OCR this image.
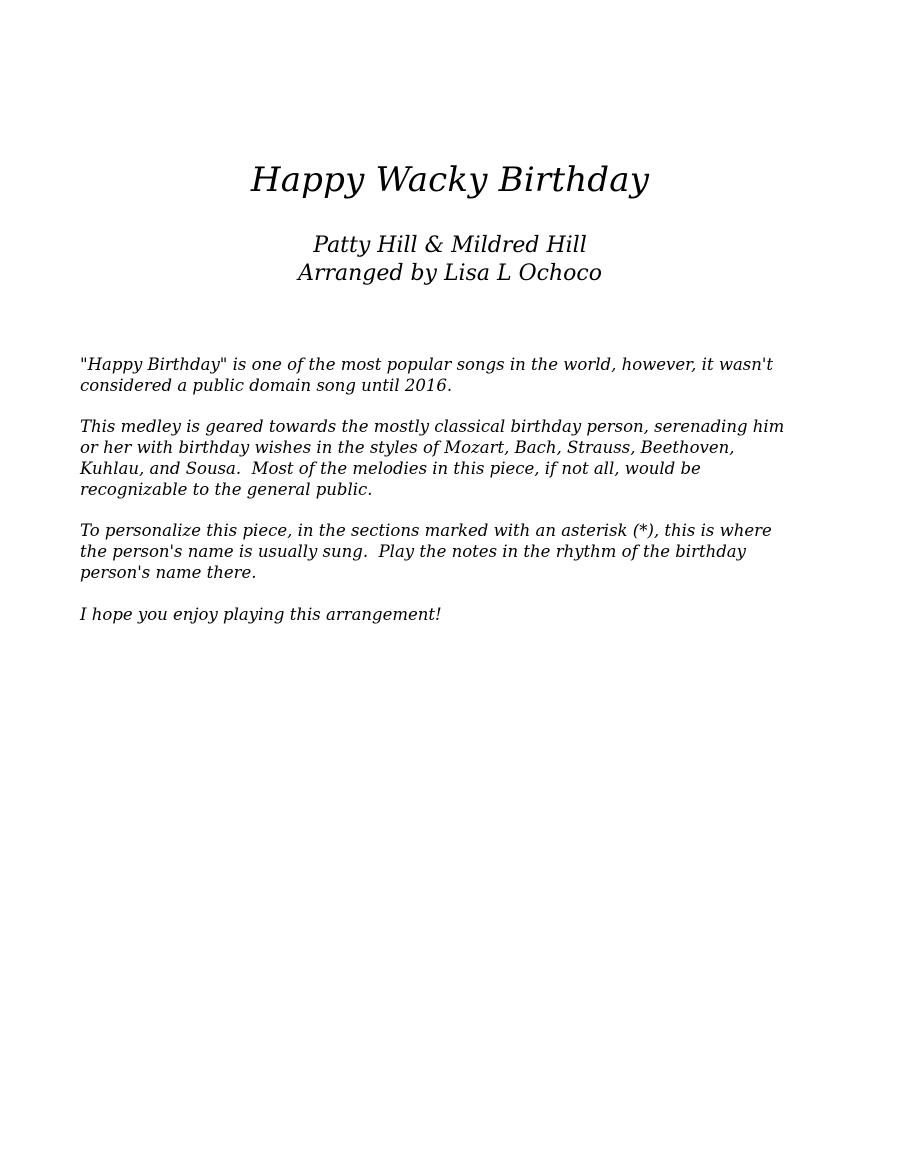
Happy Wacky Birthday
Patty Hill & Mildred Hill
Arranged by Lisa L Ochoco

"Happy Birthday" is one of the most popular songs in the world, however, it wasn't
considered a public domain song until 2016.

This medley is geared towards the mostly classical birthday person, serenading him
or her with birthday wishes in the styles of Mozart, Bach, Strauss, Beethoven,
Kuhlau, and Sousa.  Most of the melodies in this piece, if not all, would be
recognizable to the general public.

To personalize this piece, in the sections marked with an asterisk (*), this is where
the person's name is usually sung.  Play the notes in the rhythm of the birthday
person's name there.

I hope you enjoy playing this arrangement!
